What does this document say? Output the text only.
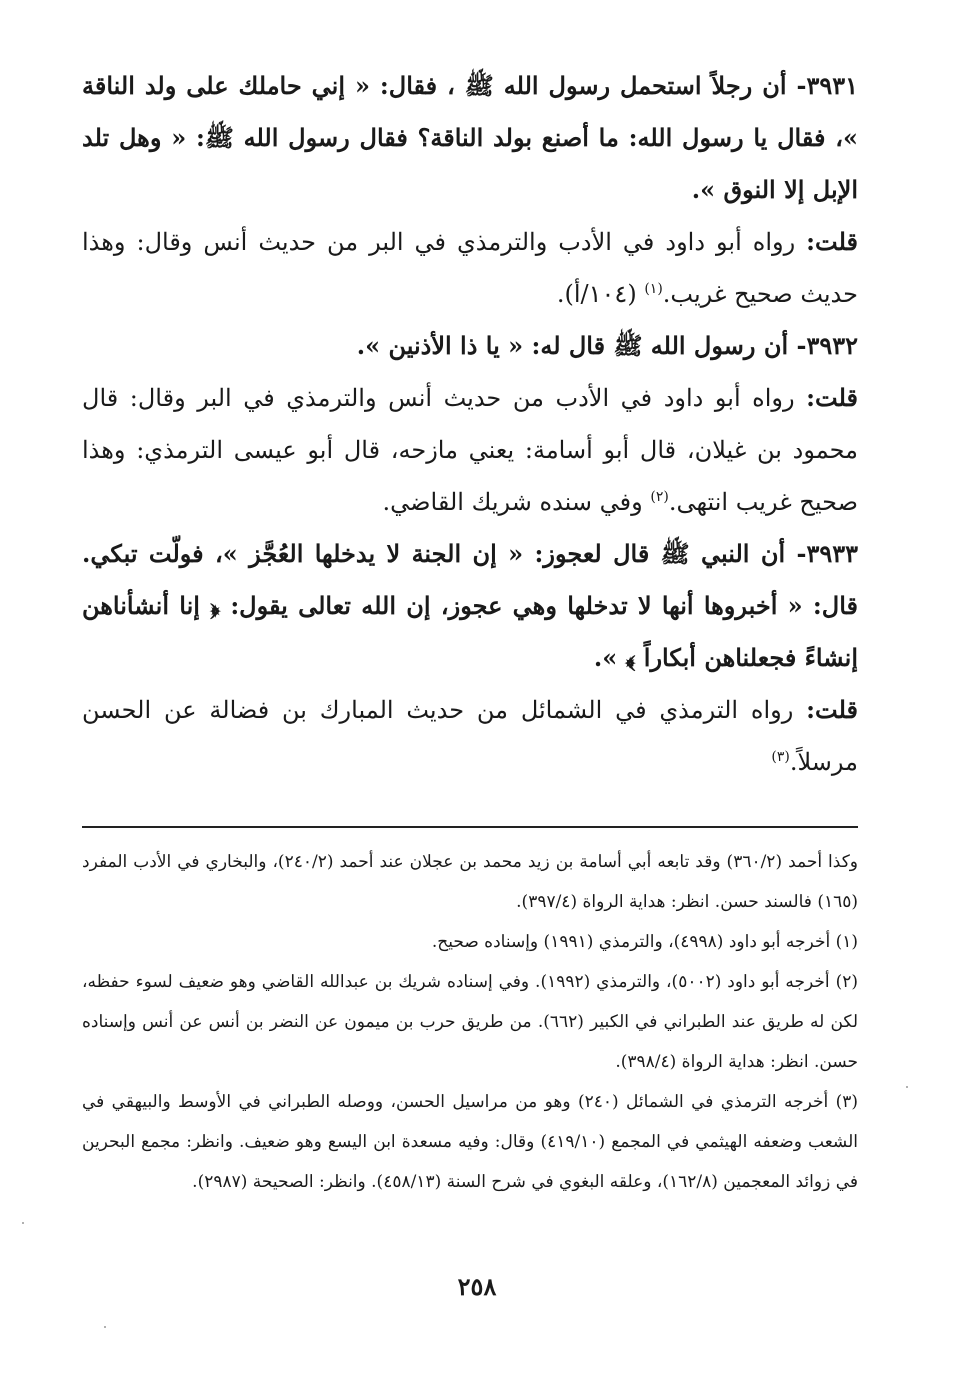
٣٩٣١- أن رجلاً استحمل رسول الله ﷺ ، فقال: « إني حاملك على ولد الناقة »، فقال يا رسول الله: ما أصنع بولد الناقة؟ فقال رسول الله ﷺ: « وهل تلد الإبل إلا النوق ».

قلت: رواه أبو داود في الأدب والترمذي في البر من حديث أنس وقال: وهذا حديث صحيح غريب.$^{(١)}$ (١٠٤/أ).

٣٩٣٢- أن رسول الله ﷺ قال له: « يا ذا الأذنين ».

قلت: رواه أبو داود في الأدب من حديث أنس والترمذي في البر وقال: قال محمود بن غيلان، قال أبو أسامة: يعني مازحه، قال أبو عيسى الترمذي: وهذا صحيح غريب انتهى.$^{(٢)}$ وفي سنده شريك القاضي.

٣٩٣٣- أن النبي ﷺ قال لعجوز: « إن الجنة لا يدخلها العُجَّز »، فولّت تبكي. قال: « أخبروها أنها لا تدخلها وهي عجوز، إن الله تعالى يقول: ﴿ إنا أنشأناهن إنشاءً فجعلناهن أبكاراً ﴾ ».

قلت: رواه الترمذي في الشمائل من حديث المبارك بن فضالة عن الحسن مرسلاً.$^{(٣)}$

وكذا أحمد (٣٦٠/٢) وقد تابعه أبي أسامة بن زيد محمد بن عجلان عند أحمد (٢٤٠/٢)، والبخاري في الأدب المفرد (١٦٥) فالسند حسن. انظر: هداية الرواة (٣٩٧/٤).

(١) أخرجه أبو داود (٤٩٩٨)، والترمذي (١٩٩١) وإسناده صحيح.

(٢) أخرجه أبو داود (٥٠٠٢)، والترمذي (١٩٩٢). وفي إسناده شريك بن عبدالله القاضي وهو ضعيف لسوء حفظه، لكن له طريق عند الطبراني في الكبير (٦٦٢). من طريق حرب بن ميمون عن النضر بن أنس عن أنس وإسناده حسن. انظر: هداية الرواة (٣٩٨/٤).

(٣) أخرجه الترمذي في الشمائل (٢٤٠) وهو من مراسيل الحسن، ووصله الطبراني في الأوسط والبيهقي في الشعب وضعفه الهيثمي في المجمع (٤١٩/١٠) وقال: وفيه مسعدة ابن اليسع وهو ضعيف. وانظر: مجمع البحرين في زوائد المعجمين (١٦٢/٨)، وعلقه البغوي في شرح السنة (٤٥٨/١٣). وانظر: الصحيحة (٢٩٨٧).

٢٥٨
